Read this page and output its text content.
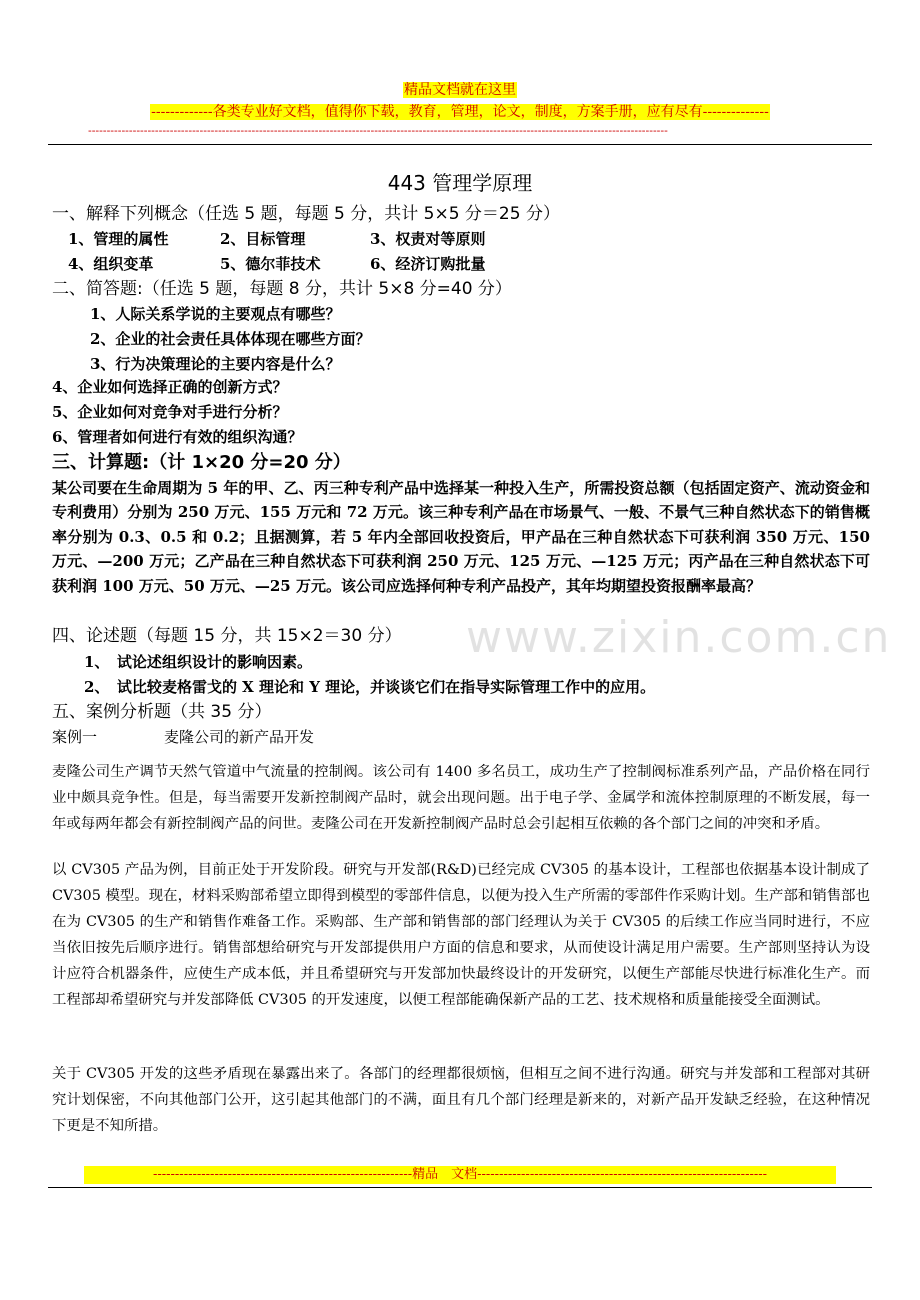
精品文档就在这里
-------------各类专业好文档，值得你下载，教育，管理，论文，制度，方案手册，应有尽有--------------
------------------------------------------------------------------------------------------------------------------------------------------------------------
443 管理学原理
一、解释下列概念（任选 5 题，每题 5 分，共计 5×5 分＝25 分）
1、管理的属性	2、目标管理	3、权责对等原则
4、组织变革	5、德尔菲技术	6、经济订购批量
二、简答题:（任选 5 题，每题 8 分，共计 5×8 分=40 分）
1、人际关系学说的主要观点有哪些？
2、企业的社会责任具体体现在哪些方面？
3、行为决策理论的主要内容是什么？
4、企业如何选择正确的创新方式？
5、企业如何对竞争对手进行分析？
6、管理者如何进行有效的组织沟通？
三、计算题:（计 1×20 分=20 分）
某公司要在生命周期为 5 年的甲、乙、丙三种专利产品中选择某一种投入生产，所需投资总额（包括固定资产、流动资金和专利费用）分别为 250 万元、155 万元和 72 万元。该三种专利产品在市场景气、一般、不景气三种自然状态下的销售概率分别为 0.3、0.5 和 0.2；且据测算，若 5 年内全部回收投资后，甲产品在三种自然状态下可获利润 350 万元、150 万元、—200 万元；乙产品在三种自然状态下可获利润 250 万元、125 万元、—125 万元；丙产品在三种自然状态下可获利润 100 万元、50 万元、—25 万元。该公司应选择何种专利产品投产，其年均期望投资报酬率最高？
四、论述题（每题 15 分，共 15×2＝30 分）
1、　试论述组织设计的影响因素。
2、　试比较麦格雷戈的 X 理论和 Y 理论，并谈谈它们在指导实际管理工作中的应用。
五、案例分析题（共 35 分）
案例一	麦隆公司的新产品开发
麦隆公司生产调节天然气管道中气流量的控制阀。该公司有 1400 多名员工，成功生产了控制阀标准系列产品，产品价格在同行业中颇具竞争性。但是，每当需要开发新控制阀产品时，就会出现问题。出于电子学、金属学和流体控制原理的不断发展，每一年或每两年都会有新控制阀产品的问世。麦隆公司在开发新控制阀产品时总会引起相互依赖的各个部门之间的冲突和矛盾。
以 CV305 产品为例，目前正处于开发阶段。研究与开发部(R&D)已经完成 CV305 的基本设计，工程部也依据基本设计制成了 CV305 模型。现在，材料采购部希望立即得到模型的零部件信息，以便为投入生产所需的零部件作采购计划。生产部和销售部也在为 CV305 的生产和销售作难备工作。采购部、生产部和销售部的部门经理认为关于 CV305 的后续工作应当同时进行，不应当依旧按先后顺序进行。销售部想给研究与开发部提供用户方面的信息和要求，从而使设计满足用户需要。生产部则坚持认为设计应符合机器条件，应使生产成本低，并且希望研究与开发部加快最终设计的开发研究，以便生产部能尽快进行标准化生产。而工程部却希望研究与并发部降低 CV305 的开发速度，以便工程部能确保新产品的工艺、技术规格和质量能接受全面测试。
关于 CV305 开发的这些矛盾现在暴露出来了。各部门的经理都很烦恼，但相互之间不进行沟通。研究与并发部和工程部对其研究计划保密，不向其他部门公开，这引起其他部门的不满，面且有几个部门经理是新来的，对新产品开发缺乏经验，在这种情况下更是不知所措。
www.zixin.com.cn
-----------------------------------------------------------精品　文档------------------------------------------------------------------
